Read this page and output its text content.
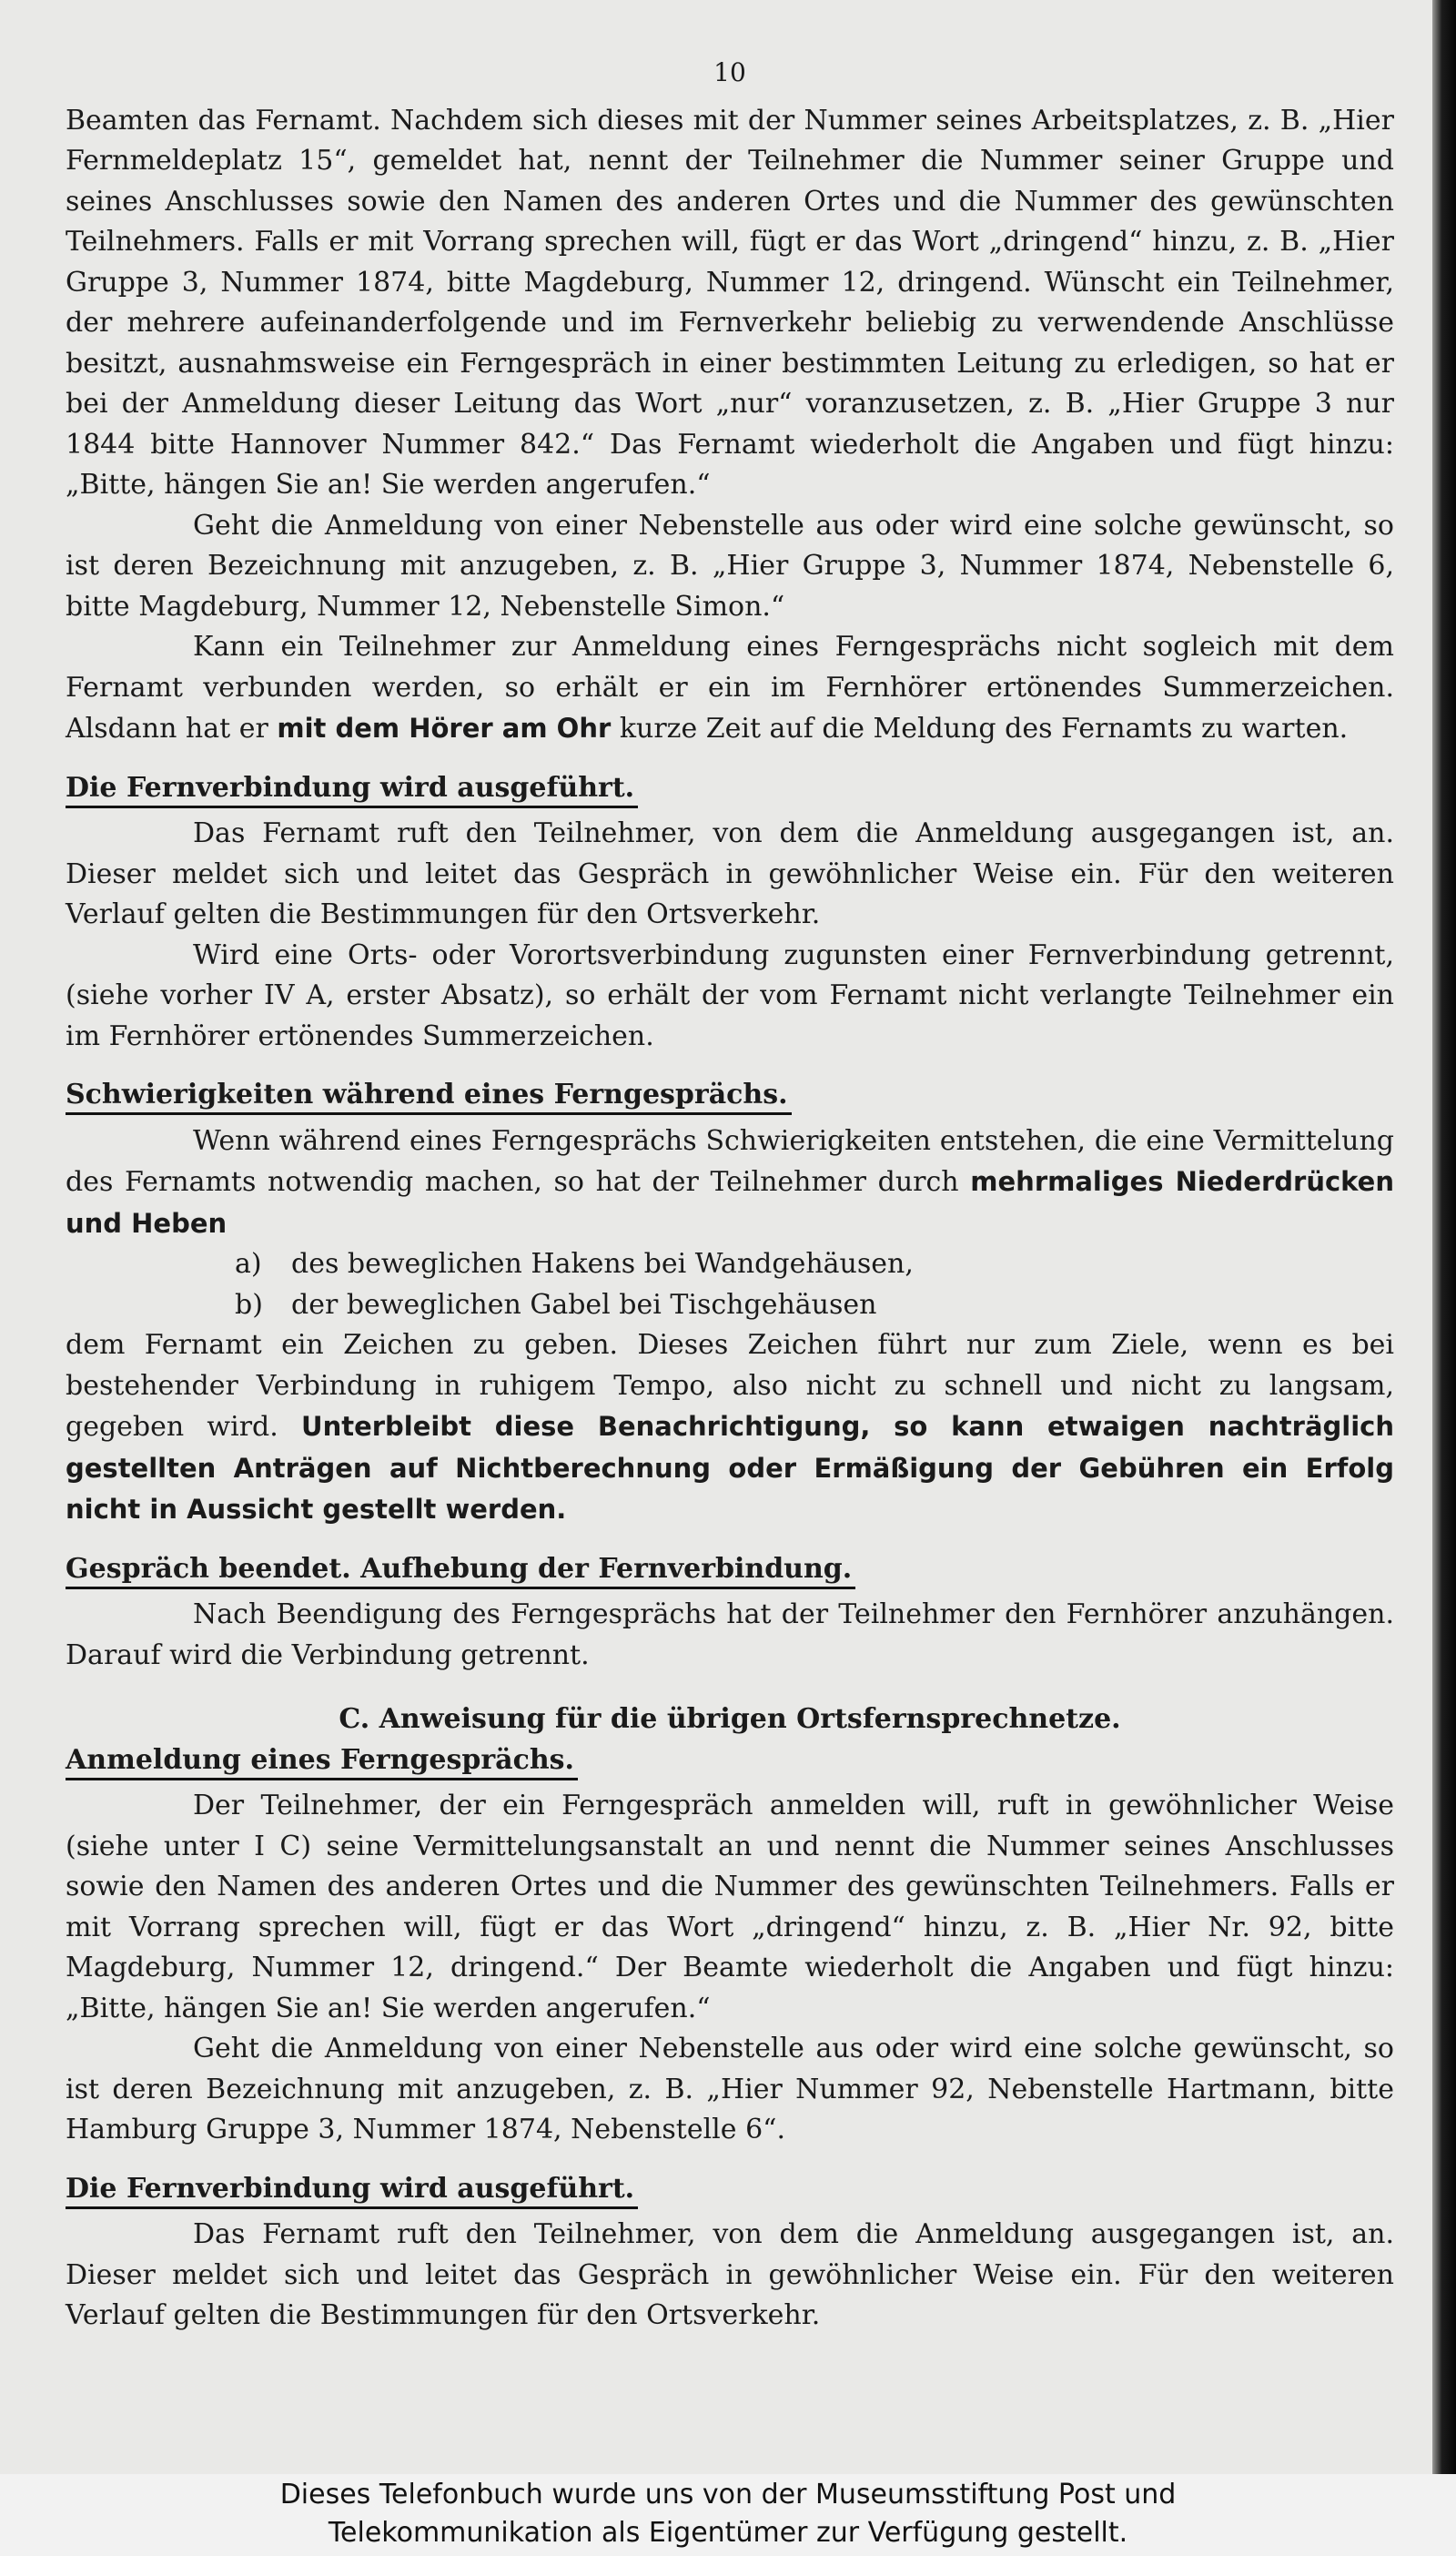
10

Beamten das Fernamt. Nachdem sich dieses mit der Nummer seines Arbeitsplatzes, z. B. „Hier Fernmeldeplatz 15“, gemeldet hat, nennt der Teilnehmer die Nummer seiner Gruppe und seines Anschlusses sowie den Namen des anderen Ortes und die Nummer des gewünschten Teilnehmers. Falls er mit Vorrang sprechen will, fügt er das Wort „dringend“ hinzu, z. B. „Hier Gruppe 3, Nummer 1874, bitte Magdeburg, Nummer 12, dringend. Wünscht ein Teilnehmer, der mehrere aufeinanderfolgende und im Fernverkehr beliebig zu verwendende Anschlüsse besitzt, ausnahmsweise ein Ferngespräch in einer bestimmten Leitung zu erledigen, so hat er bei der Anmeldung dieser Leitung das Wort „nur“ voranzusetzen, z. B. „Hier Gruppe 3 nur 1844 bitte Hannover Nummer 842.“ Das Fernamt wiederholt die Angaben und fügt hinzu: „Bitte, hängen Sie an! Sie werden angerufen.“

Geht die Anmeldung von einer Nebenstelle aus oder wird eine solche gewünscht, so ist deren Bezeichnung mit anzugeben, z. B. „Hier Gruppe 3, Nummer 1874, Nebenstelle 6, bitte Magdeburg, Nummer 12, Nebenstelle Simon.“

Kann ein Teilnehmer zur Anmeldung eines Ferngesprächs nicht sogleich mit dem Fernamt verbunden werden, so erhält er ein im Fernhörer ertönendes Summerzeichen. Alsdann hat er mit dem Hörer am Ohr kurze Zeit auf die Meldung des Fernamts zu warten.

Die Fernverbindung wird ausgeführt.

Das Fernamt ruft den Teilnehmer, von dem die Anmeldung ausgegangen ist, an. Dieser meldet sich und leitet das Gespräch in gewöhnlicher Weise ein. Für den weiteren Verlauf gelten die Bestimmungen für den Ortsverkehr.

Wird eine Orts- oder Vorortsverbindung zugunsten einer Fernverbindung getrennt, (siehe vorher IV A, erster Absatz), so erhält der vom Fernamt nicht verlangte Teilnehmer ein im Fernhörer ertönendes Summerzeichen.

Schwierigkeiten während eines Ferngesprächs.

Wenn während eines Ferngesprächs Schwierigkeiten entstehen, die eine Vermittelung des Fernamts notwendig machen, so hat der Teilnehmer durch mehrmaliges Niederdrücken und Heben

a) des beweglichen Hakens bei Wandgehäusen,
b) der beweglichen Gabel bei Tischgehäusen

dem Fernamt ein Zeichen zu geben. Dieses Zeichen führt nur zum Ziele, wenn es bei bestehender Verbindung in ruhigem Tempo, also nicht zu schnell und nicht zu langsam, gegeben wird. Unterbleibt diese Benachrichtigung, so kann etwaigen nachträglich gestellten Anträgen auf Nichtberechnung oder Ermäßigung der Gebühren ein Erfolg nicht in Aussicht gestellt werden.

Gespräch beendet. Aufhebung der Fernverbindung.

Nach Beendigung des Ferngesprächs hat der Teilnehmer den Fernhörer anzuhängen. Darauf wird die Verbindung getrennt.

C. Anweisung für die übrigen Ortsfernsprechnetze.
Anmeldung eines Ferngesprächs.

Der Teilnehmer, der ein Ferngespräch anmelden will, ruft in gewöhnlicher Weise (siehe unter I C) seine Vermittelungsanstalt an und nennt die Nummer seines Anschlusses sowie den Namen des anderen Ortes und die Nummer des gewünschten Teilnehmers. Falls er mit Vorrang sprechen will, fügt er das Wort „dringend“ hinzu, z. B. „Hier Nr. 92, bitte Magdeburg, Nummer 12, dringend.“ Der Beamte wiederholt die Angaben und fügt hinzu: „Bitte, hängen Sie an! Sie werden angerufen.“

Geht die Anmeldung von einer Nebenstelle aus oder wird eine solche gewünscht, so ist deren Bezeichnung mit anzugeben, z. B. „Hier Nummer 92, Nebenstelle Hartmann, bitte Hamburg Gruppe 3, Nummer 1874, Nebenstelle 6“.

Die Fernverbindung wird ausgeführt.

Das Fernamt ruft den Teilnehmer, von dem die Anmeldung ausgegangen ist, an. Dieser meldet sich und leitet das Gespräch in gewöhnlicher Weise ein. Für den weiteren Verlauf gelten die Bestimmungen für den Ortsverkehr.

Dieses Telefonbuch wurde uns von der Museumsstiftung Post und
Telekommunikation als Eigentümer zur Verfügung gestellt.
